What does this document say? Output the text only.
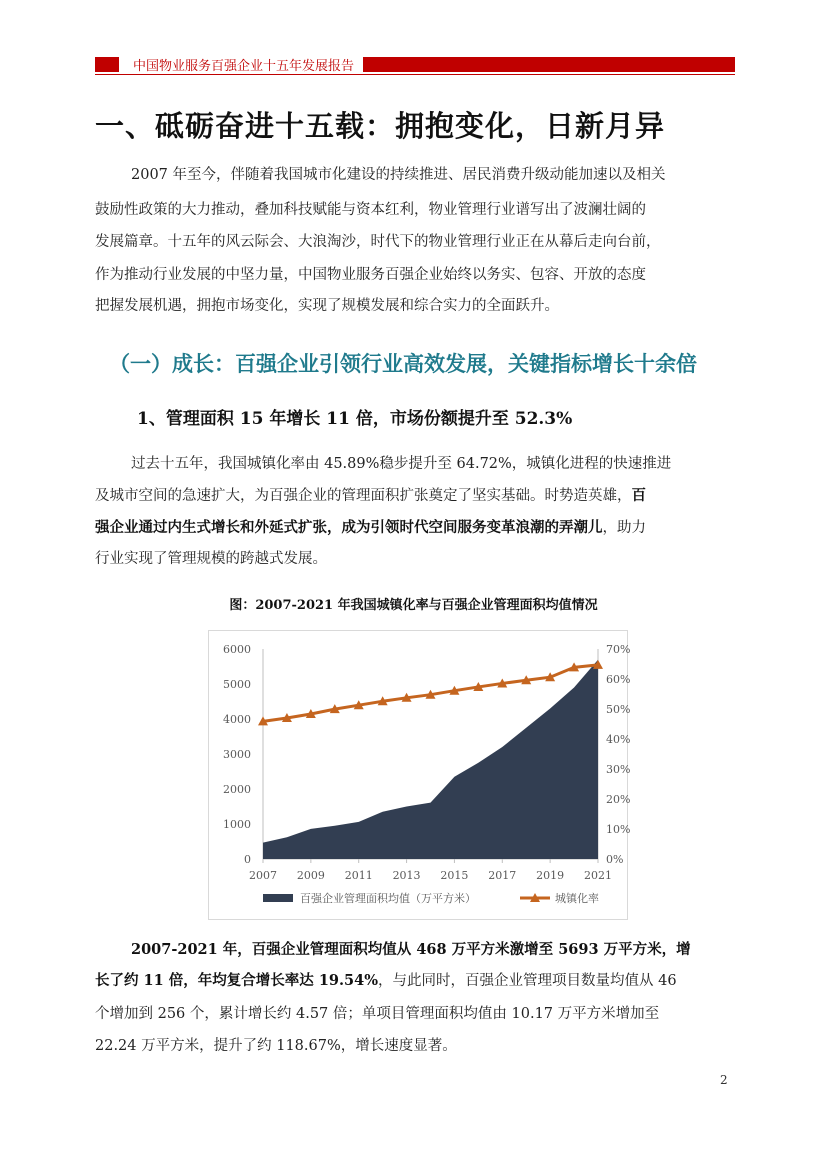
中国物业服务百强企业十五年发展报告
一、砥砺奋进十五载：拥抱变化，日新月异
2007 年至今，伴随着我国城市化建设的持续推进、居民消费升级动能加速以及相关
鼓励性政策的大力推动，叠加科技赋能与资本红利，物业管理行业谱写出了波澜壮阔的
发展篇章。十五年的风云际会、大浪淘沙，时代下的物业管理行业正在从幕后走向台前，
作为推动行业发展的中坚力量，中国物业服务百强企业始终以务实、包容、开放的态度
把握发展机遇，拥抱市场变化，实现了规模发展和综合实力的全面跃升。
（一）成长：百强企业引领行业高效发展，关键指标增长十余倍
1、管理面积 15 年增长 11 倍，市场份额提升至 52.3%
过去十五年，我国城镇化率由 45.89%稳步提升至 64.72%，城镇化进程的快速推进
及城市空间的急速扩大，为百强企业的管理面积扩张奠定了坚实基础。时势造英雄，百
强企业通过内生式增长和外延式扩张，成为引领时代空间服务变革浪潮的弄潮儿，助力
行业实现了管理规模的跨越式发展。
图：2007-2021 年我国城镇化率与百强企业管理面积均值情况
0
1000
2000
3000
4000
5000
6000
0%
10%
20%
30%
40%
50%
60%
70%
2007 2009 2011 2013 2015 2017 2019 2021
百强企业管理面积均值（万平方米）	城镇化率
2007-2021 年，百强企业管理面积均值从 468 万平方米激增至 5693 万平方米，增
长了约 11 倍，年均复合增长率达 19.54%，与此同时，百强企业管理项目数量均值从 46
个增加到 256 个，累计增长约 4.57 倍；单项目管理面积均值由 10.17 万平方米增加至
22.24 万平方米，提升了约 118.67%，增长速度显著。
2
